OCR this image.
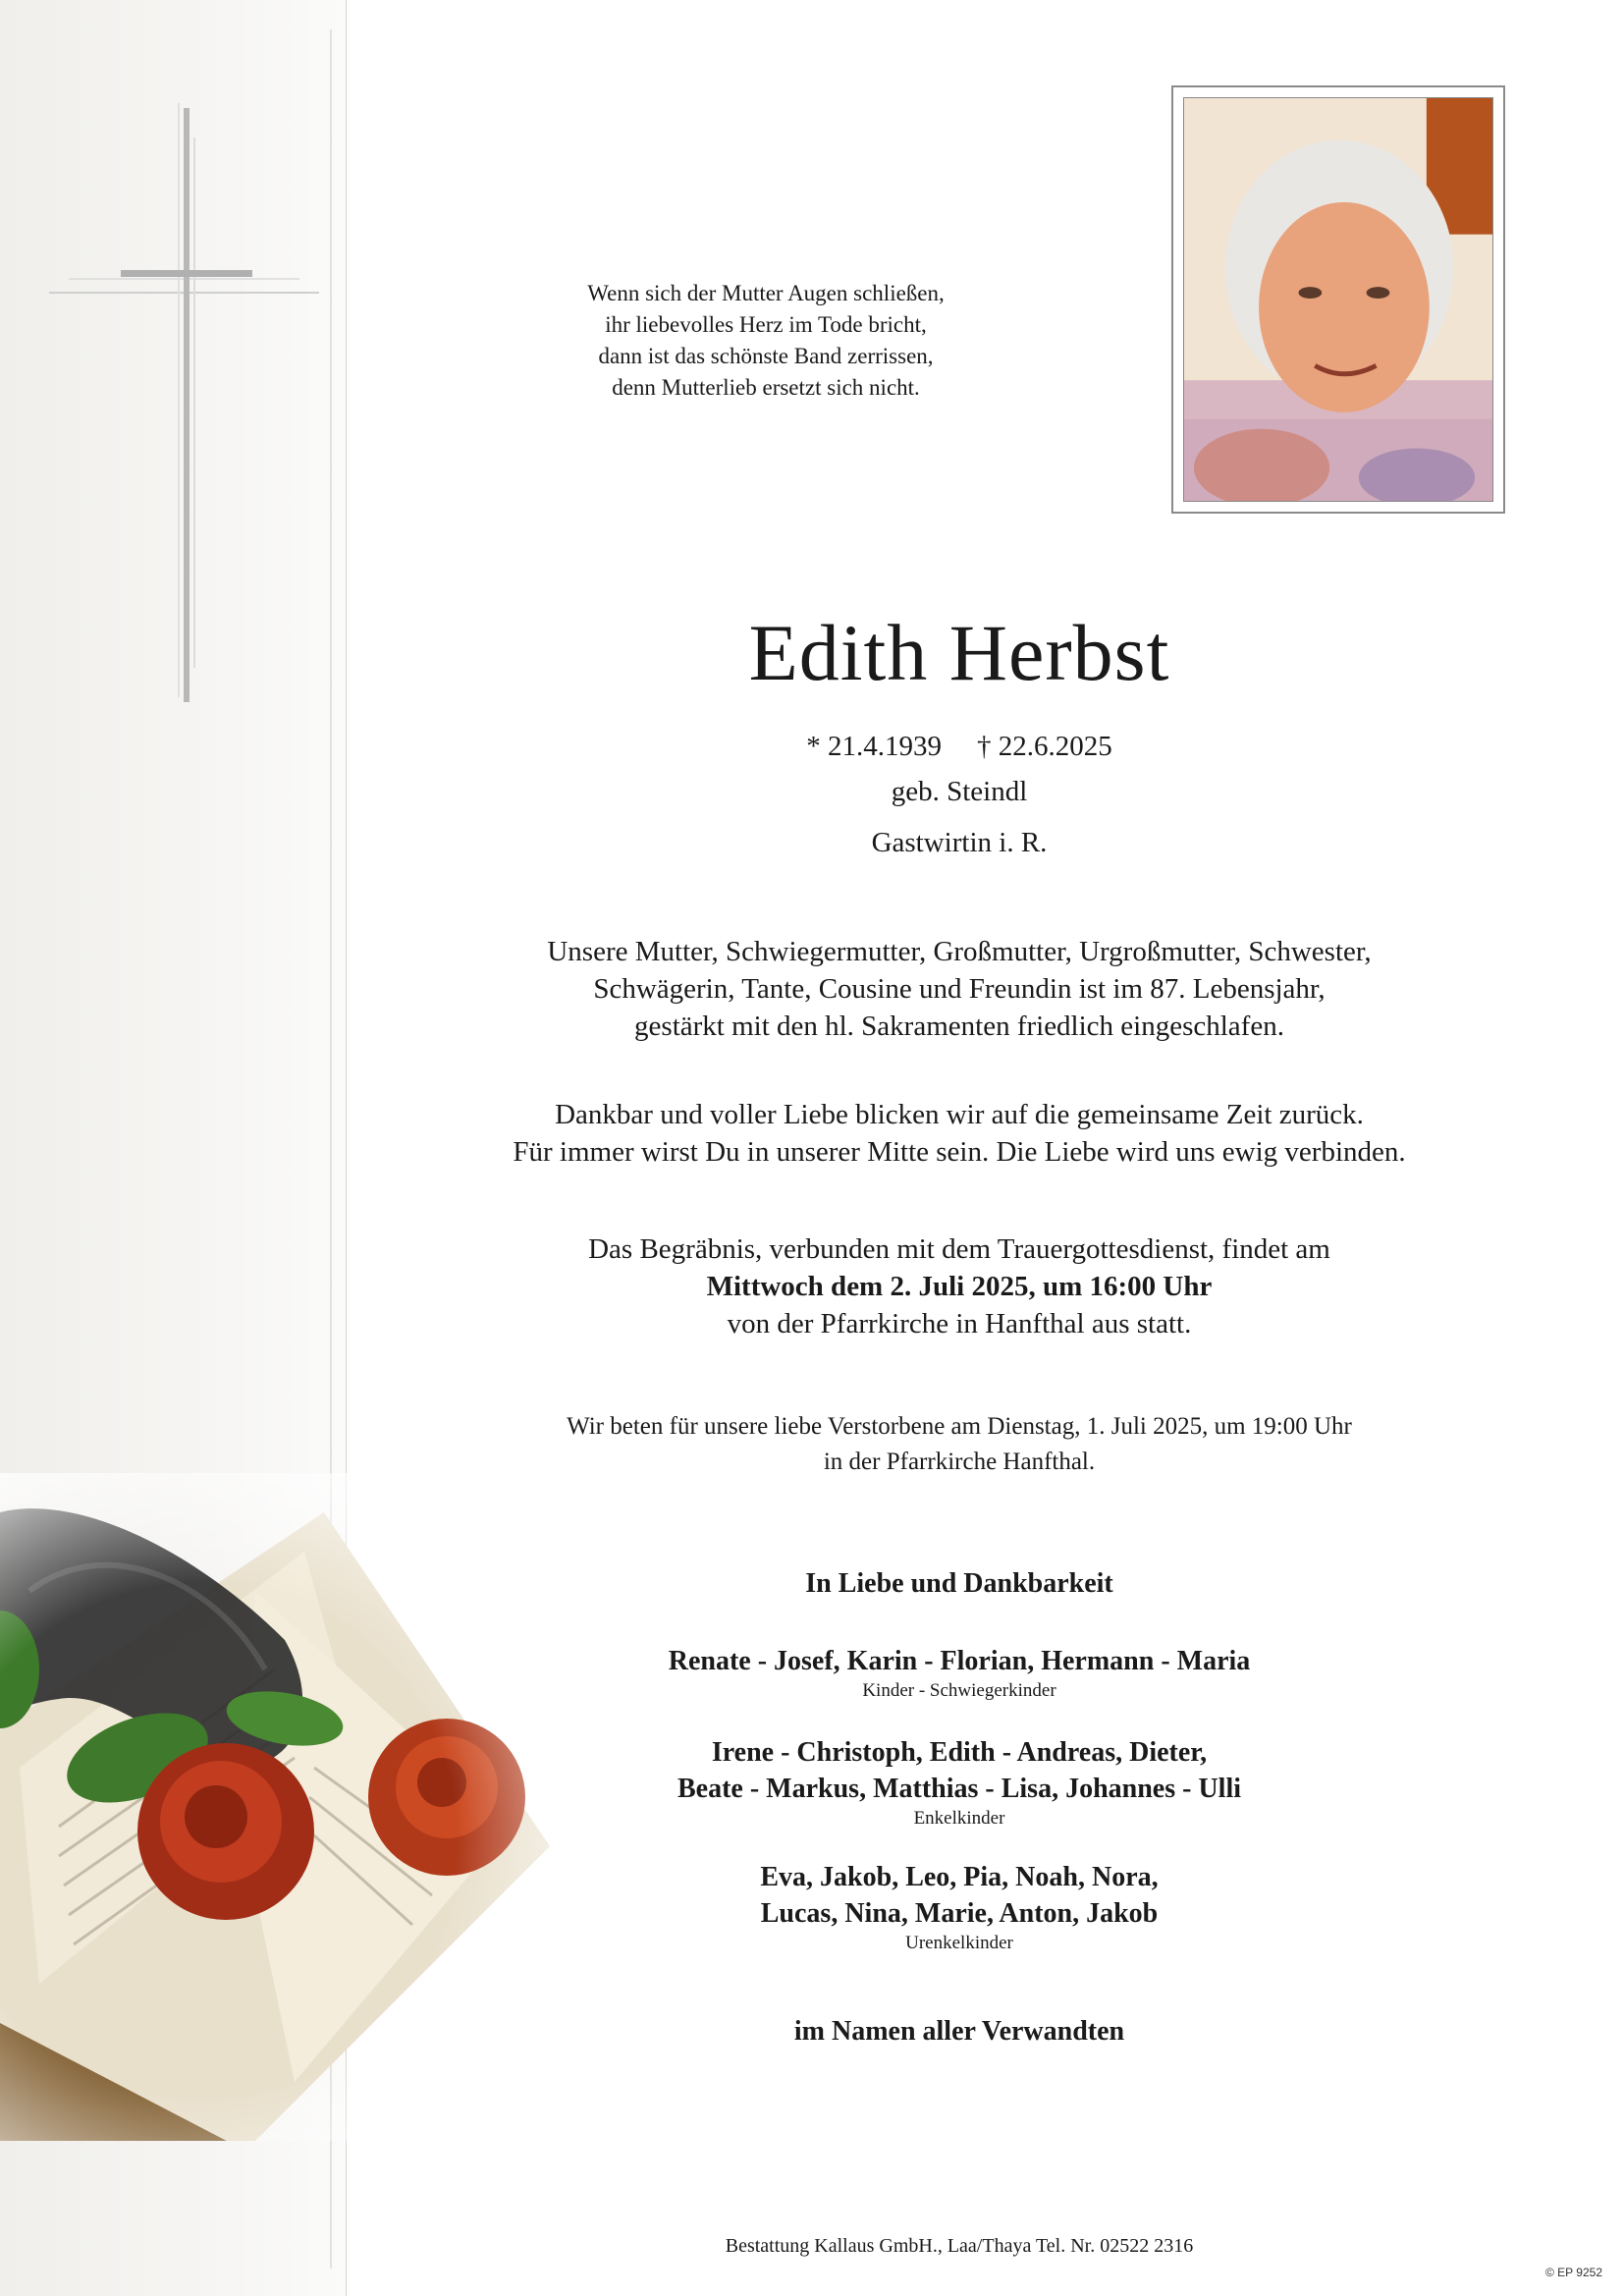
Wenn sich der Mutter Augen schließen,
ihr liebevolles Herz im Tode bricht,
dann ist das schönste Band zerrissen,
denn Mutterlieb ersetzt sich nicht.
Edith Herbst
* 21.4.1939 † 22.6.2025
geb. Steindl
Gastwirtin i. R.
Unsere Mutter, Schwiegermutter, Großmutter, Urgroßmutter, Schwester,
Schwägerin, Tante, Cousine und Freundin ist im 87. Lebensjahr,
gestärkt mit den hl. Sakramenten friedlich eingeschlafen.
Dankbar und voller Liebe blicken wir auf die gemeinsame Zeit zurück.
Für immer wirst Du in unserer Mitte sein. Die Liebe wird uns ewig verbinden.
Das Begräbnis, verbunden mit dem Trauergottesdienst, findet am
Mittwoch dem 2. Juli 2025, um 16:00 Uhr
von der Pfarrkirche in Hanfthal aus statt.
Wir beten für unsere liebe Verstorbene am Dienstag, 1. Juli 2025, um 19:00 Uhr
in der Pfarrkirche Hanfthal.
In Liebe und Dankbarkeit
Renate - Josef, Karin - Florian, Hermann - Maria
Kinder - Schwiegerkinder
Irene - Christoph, Edith - Andreas, Dieter,
Beate - Markus, Matthias - Lisa, Johannes - Ulli
Enkelkinder
Eva, Jakob, Leo, Pia, Noah, Nora,
Lucas, Nina, Marie, Anton, Jakob
Urenkelkinder
im Namen aller Verwandten
Bestattung Kallaus GmbH., Laa/Thaya Tel. Nr. 02522 2316
© EP 9252
